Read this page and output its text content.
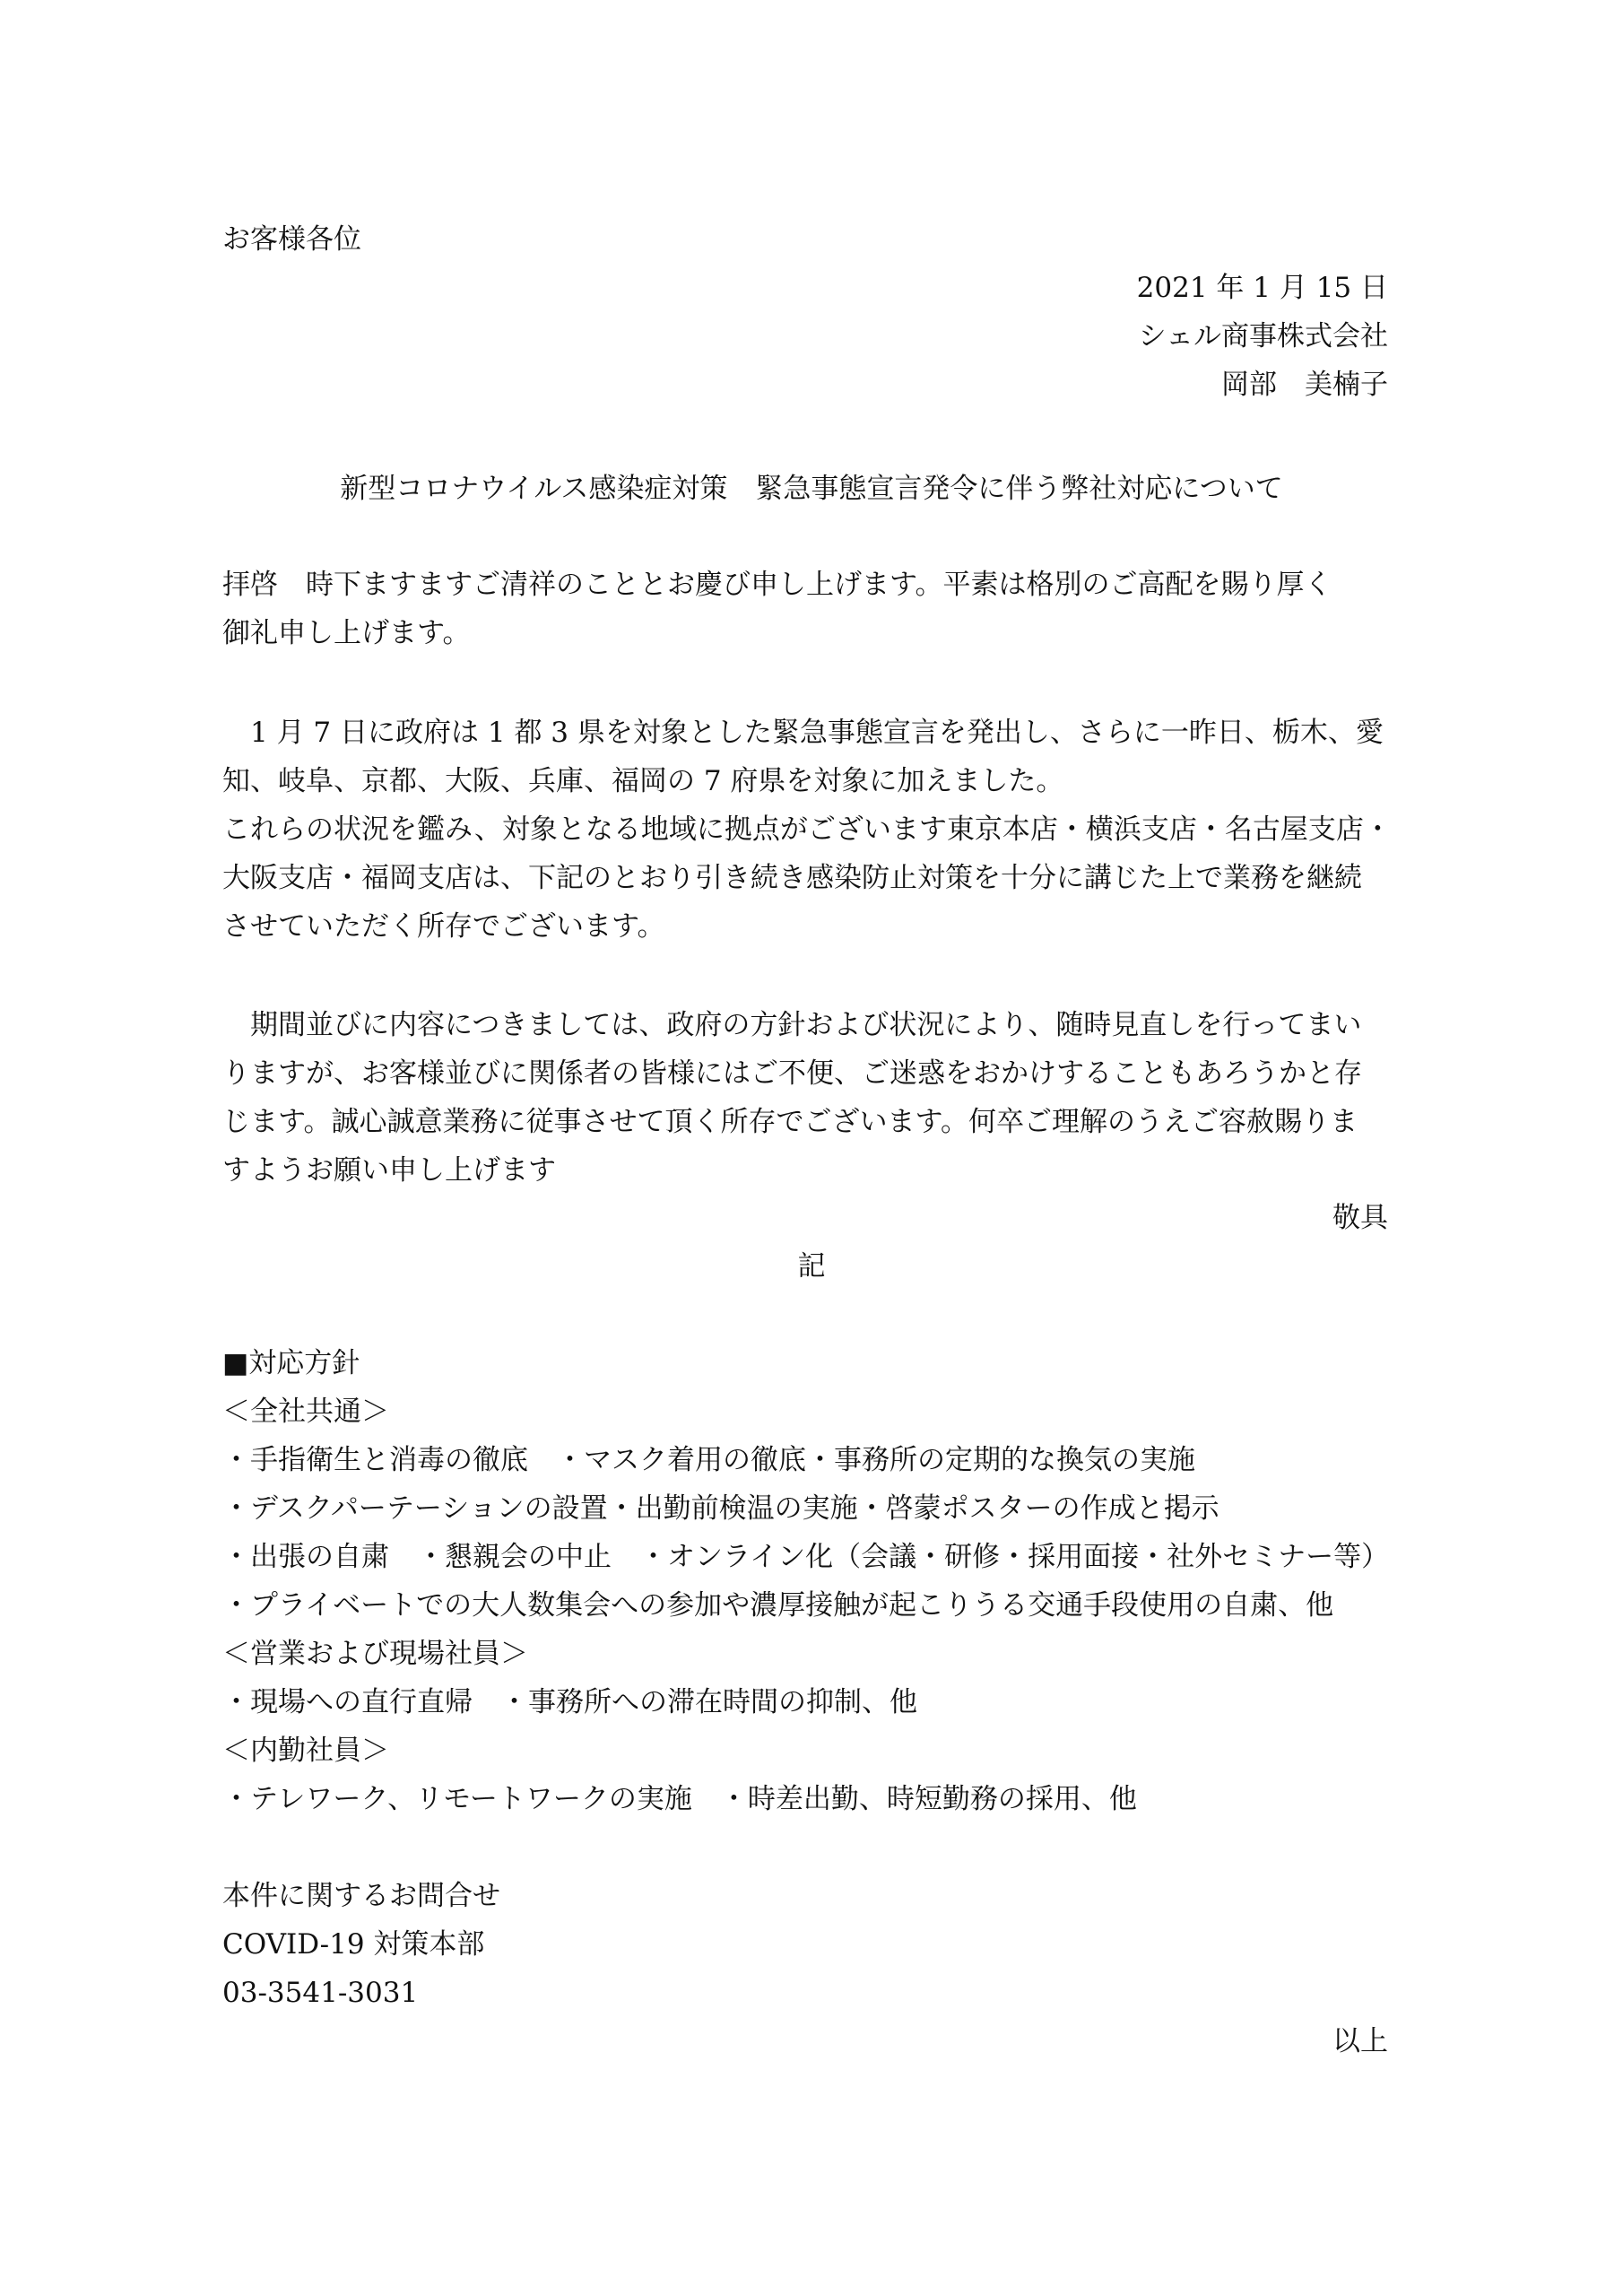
お客様各位
2021 年 1 月 15 日
シェル商事株式会社
岡部　美楠子
新型コロナウイルス感染症対策　緊急事態宣言発令に伴う弊社対応について
拝啓　時下ますますご清祥のこととお慶び申し上げます。平素は格別のご高配を賜り厚く
御礼申し上げます。
　1 月 7 日に政府は 1 都 3 県を対象とした緊急事態宣言を発出し、さらに一昨日、栃木、愛
知、岐阜、京都、大阪、兵庫、福岡の 7 府県を対象に加えました。
これらの状況を鑑み、対象となる地域に拠点がございます東京本店・横浜支店・名古屋支店・
大阪支店・福岡支店は、下記のとおり引き続き感染防止対策を十分に講じた上で業務を継続
させていただく所存でございます。
　期間並びに内容につきましては、政府の方針および状況により、随時見直しを行ってまい
りますが、お客様並びに関係者の皆様にはご不便、ご迷惑をおかけすることもあろうかと存
じます。誠心誠意業務に従事させて頂く所存でございます。何卒ご理解のうえご容赦賜りま
すようお願い申し上げます
敬具
記
■対応方針
＜全社共通＞
・手指衛生と消毒の徹底　・マスク着用の徹底・事務所の定期的な換気の実施
・デスクパーテーションの設置・出勤前検温の実施・啓蒙ポスターの作成と掲示
・出張の自粛　・懇親会の中止　・オンライン化（会議・研修・採用面接・社外セミナー等）
・プライベートでの大人数集会への参加や濃厚接触が起こりうる交通手段使用の自粛、他
＜営業および現場社員＞
・現場への直行直帰　・事務所への滞在時間の抑制、他
＜内勤社員＞
・テレワーク、リモートワークの実施　・時差出勤、時短勤務の採用、他
本件に関するお問合せ
COVID-19 対策本部
03-3541-3031
以上
